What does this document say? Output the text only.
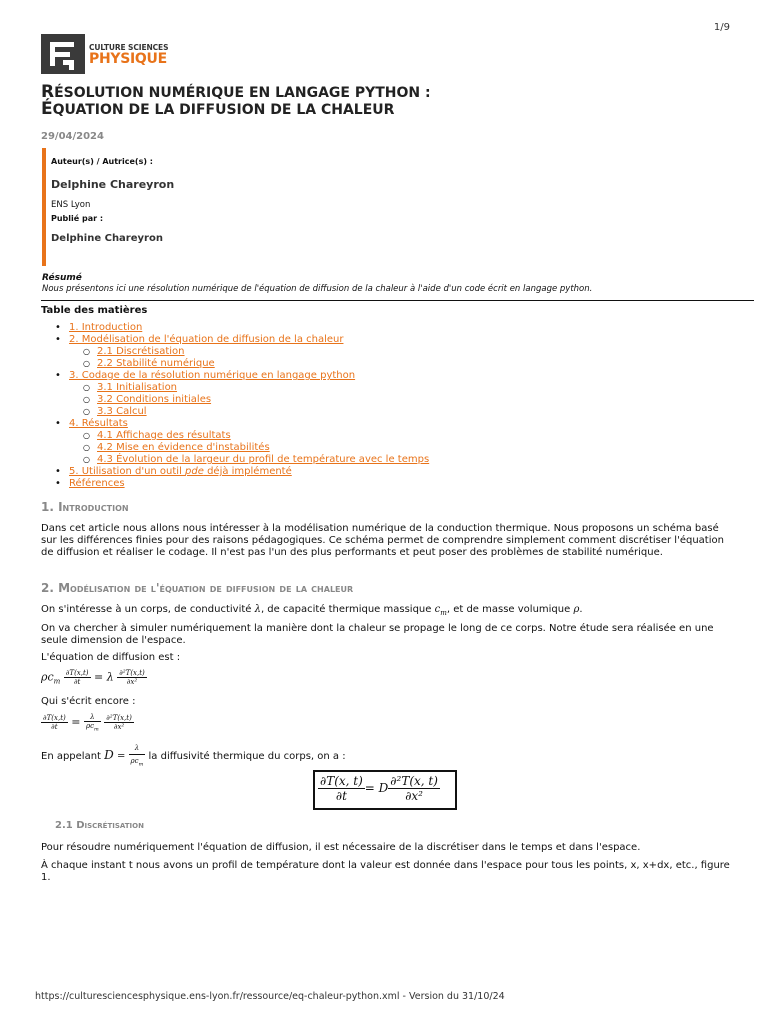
1/9
CULTURE SCIENCES
PHYSIQUE
RÉSOLUTION NUMÉRIQUE EN LANGAGE PYTHON :
ÉQUATION DE LA DIFFUSION DE LA CHALEUR
29/04/2024
Auteur(s) / Autrice(s) :
Delphine Chareyron
ENS Lyon
Publié par :
Delphine Chareyron
Résumé
Nous présentons ici une résolution numérique de l'équation de diffusion de la chaleur à l'aide d'un code écrit en langage python.
Table des matières
• 1. Introduction
• 2. Modélisation de l'équation de diffusion de la chaleur
○ 2.1 Discrétisation
○ 2.2 Stabilité numérique
• 3. Codage de la résolution numérique en langage python
○ 3.1 Initialisation
○ 3.2 Conditions initiales
○ 3.3 Calcul
• 4. Résultats
○ 4.1 Affichage des résultats
○ 4.2 Mise en évidence d'instabilités
○ 4.3 Évolution de la largeur du profil de température avec le temps
• 5. Utilisation d'un outil pde déjà implémenté
• Références
1. Introduction
Dans cet article nous allons nous intéresser à la modélisation numérique de la conduction thermique. Nous proposons un schéma basé sur les différences finies pour des raisons pédagogiques. Ce schéma permet de comprendre simplement comment discrétiser l'équation de diffusion et réaliser le codage. Il n'est pas l'un des plus performants et peut poser des problèmes de stabilité numérique.
2. Modélisation de l'équation de diffusion de la chaleur
On s'intéresse à un corps, de conductivité λ, de capacité thermique massique $c_m$, et de masse volumique ρ.
On va chercher à simuler numériquement la manière dont la chaleur se propage le long de ce corps. Notre étude sera réalisée en une seule dimension de l'espace.
L'équation de diffusion est :
$\rho c_m \frac{\partial T(x,t)}{\partial t} = \lambda \frac{\text{∂²T(x,t)}}{\text{∂x²}}$
Qui s'écrit encore :
$\frac{\partial T(x,t)}{\partial t} = \frac{\lambda}{\rho c_m}$
$\frac{\text{∂²T(x,t)}}{\text{∂x²}}$
En appelant $D = \frac{\lambda}{\rho c_m}$ la diffusivité thermique du corps, on a :
$\frac{\partial T(x, t)}{\partial t} = D \frac{\text{∂²T(x, t)}}{\text{∂x²}}$
2.1 Discrétisation
Pour résoudre numériquement l'équation de diffusion, il est nécessaire de la discrétiser dans le temps et dans l'espace.
À chaque instant t nous avons un profil de température dont la valeur est donnée dans l'espace pour tous les points, x, x+dx, etc., figure 1.
https://culturesciencesphysique.ens-lyon.fr/ressource/eq-chaleur-python.xml - Version du 31/10/24
